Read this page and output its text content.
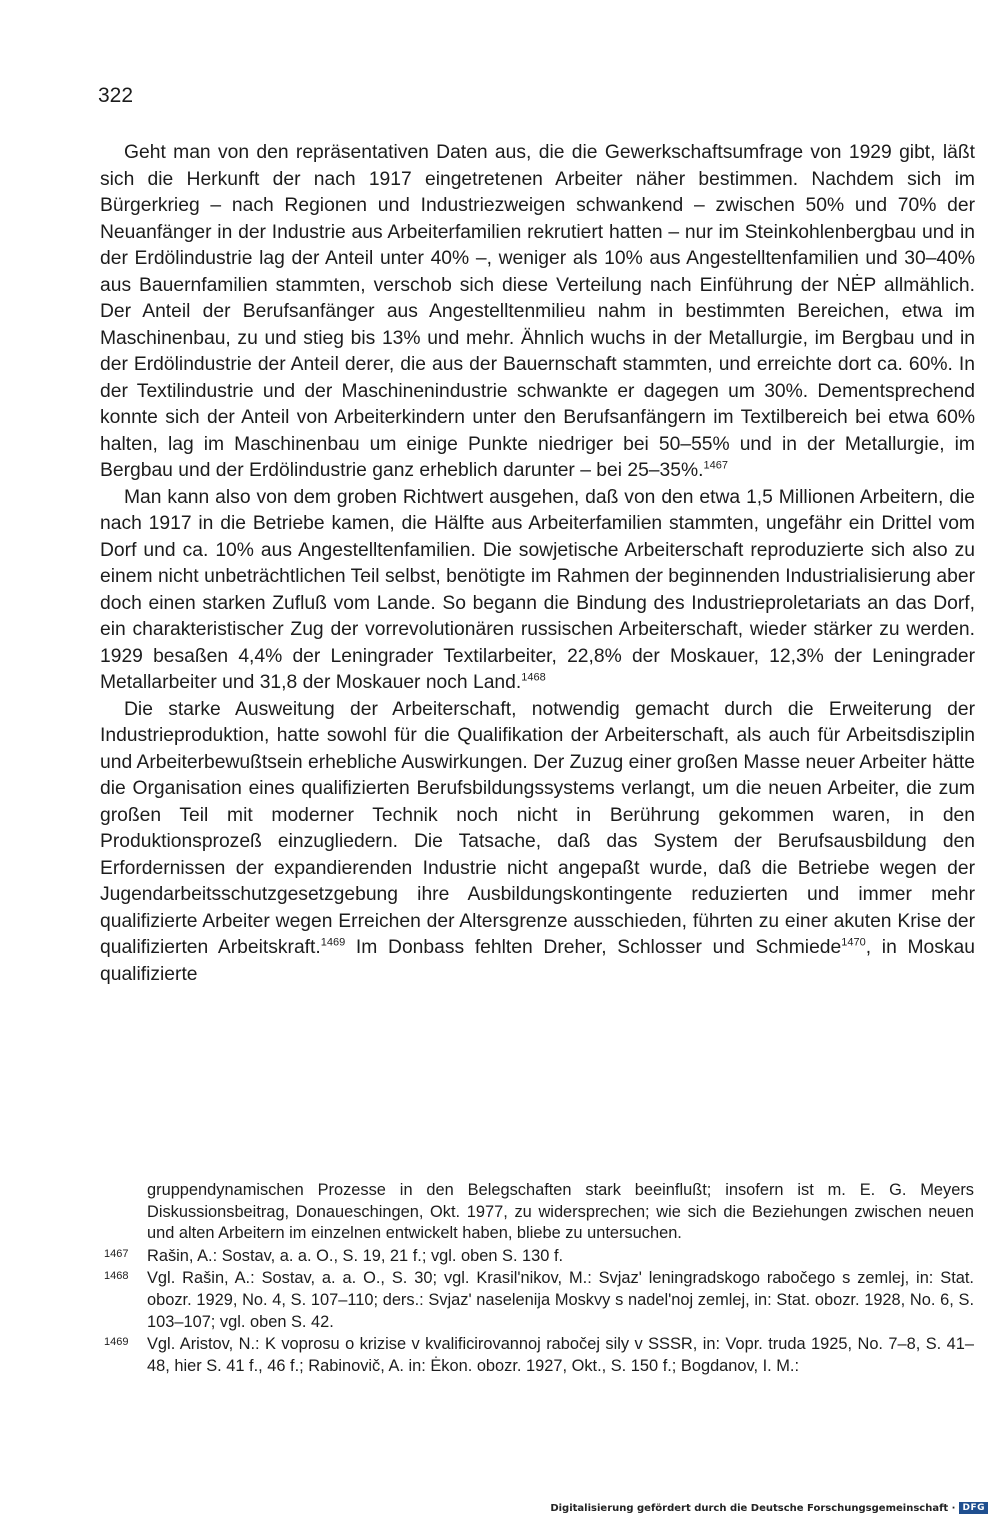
322

Geht man von den repräsentativen Daten aus, die die Gewerkschaftsumfrage von 1929 gibt, läßt sich die Herkunft der nach 1917 eingetretenen Arbeiter näher bestimmen. Nachdem sich im Bürgerkrieg – nach Regionen und Industriezweigen schwankend – zwischen 50% und 70% der Neuanfänger in der Industrie aus Arbeiterfamilien rekrutiert hatten – nur im Steinkohlenbergbau und in der Erdölindustrie lag der Anteil unter 40% –, weniger als 10% aus Angestelltenfamilien und 30–40% aus Bauernfamilien stammten, verschob sich diese Verteilung nach Einführung der NĖP allmählich. Der Anteil der Berufsanfänger aus Angestelltenmilieu nahm in bestimmten Bereichen, etwa im Maschinenbau, zu und stieg bis 13% und mehr. Ähnlich wuchs in der Metallurgie, im Bergbau und in der Erdölindustrie der Anteil derer, die aus der Bauernschaft stammten, und erreichte dort ca. 60%. In der Textilindustrie und der Maschinenindustrie schwankte er dagegen um 30%. Dementsprechend konnte sich der Anteil von Arbeiterkindern unter den Berufsanfängern im Textilbereich bei etwa 60% halten, lag im Maschinenbau um einige Punkte niedriger bei 50–55% und in der Metallurgie, im Bergbau und der Erdölindustrie ganz erheblich darunter – bei 25–35%.$^{1467}$

Man kann also von dem groben Richtwert ausgehen, daß von den etwa 1,5 Millionen Arbeitern, die nach 1917 in die Betriebe kamen, die Hälfte aus Arbeiterfamilien stammten, ungefähr ein Drittel vom Dorf und ca. 10% aus Angestelltenfamilien. Die sowjetische Arbeiterschaft reproduzierte sich also zu einem nicht unbeträchtlichen Teil selbst, benötigte im Rahmen der beginnenden Industrialisierung aber doch einen starken Zufluß vom Lande. So begann die Bindung des Industrieproletariats an das Dorf, ein charakteristischer Zug der vorrevolutionären russischen Arbeiterschaft, wieder stärker zu werden. 1929 besaßen 4,4% der Leningrader Textilarbeiter, 22,8% der Moskauer, 12,3% der Leningrader Metallarbeiter und 31,8 der Moskauer noch Land.$^{1468}$

Die starke Ausweitung der Arbeiterschaft, notwendig gemacht durch die Erweiterung der Industrieproduktion, hatte sowohl für die Qualifikation der Arbeiterschaft, als auch für Arbeitsdisziplin und Arbeiterbewußtsein erhebliche Auswirkungen. Der Zuzug einer großen Masse neuer Arbeiter hätte die Organisation eines qualifizierten Berufsbildungssystems verlangt, um die neuen Arbeiter, die zum großen Teil mit moderner Technik noch nicht in Berührung gekommen waren, in den Produktionsprozeß einzugliedern. Die Tatsache, daß das System der Berufsausbildung den Erfordernissen der expandierenden Industrie nicht angepaßt wurde, daß die Betriebe wegen der Jugendarbeitsschutzgesetzgebung ihre Ausbildungskontingente reduzierten und immer mehr qualifizierte Arbeiter wegen Erreichen der Altersgrenze ausschieden, führten zu einer akuten Krise der qualifizierten Arbeitskraft.$^{1469}$ Im Donbass fehlten Dreher, Schlosser und Schmiede$^{1470}$, in Moskau qualifizierte

gruppendynamischen Prozesse in den Belegschaften stark beeinflußt; insofern ist m. E. G. Meyers Diskussionsbeitrag, Donaueschingen, Okt. 1977, zu widersprechen; wie sich die Beziehungen zwischen neuen und alten Arbeitern im einzelnen entwickelt haben, bliebe zu untersuchen.
1467 Rašin, A.: Sostav, a. a. O., S. 19, 21 f.; vgl. oben S. 130 f.
1468 Vgl. Rašin, A.: Sostav, a. a. O., S. 30; vgl. Krasil'nikov, M.: Svjaz' leningradskogo rabočego s zemlej, in: Stat. obozr. 1929, No. 4, S. 107–110; ders.: Svjaz' naselenija Moskvy s nadel'noj zemlej, in: Stat. obozr. 1928, No. 6, S. 103–107; vgl. oben S. 42.
1469 Vgl. Aristov, N.: K voprosu o krizise v kvalificirovannoj rabočej sily v SSSR, in: Vopr. truda 1925, No. 7–8, S. 41–48, hier S. 41 f., 46 f.; Rabinovič, A. in: Ėkon. obozr. 1927, Okt., S. 150 f.; Bogdanov, I. M.:
Digitalisierung gefördert durch die Deutsche Forschungsgemeinschaft · DFG
